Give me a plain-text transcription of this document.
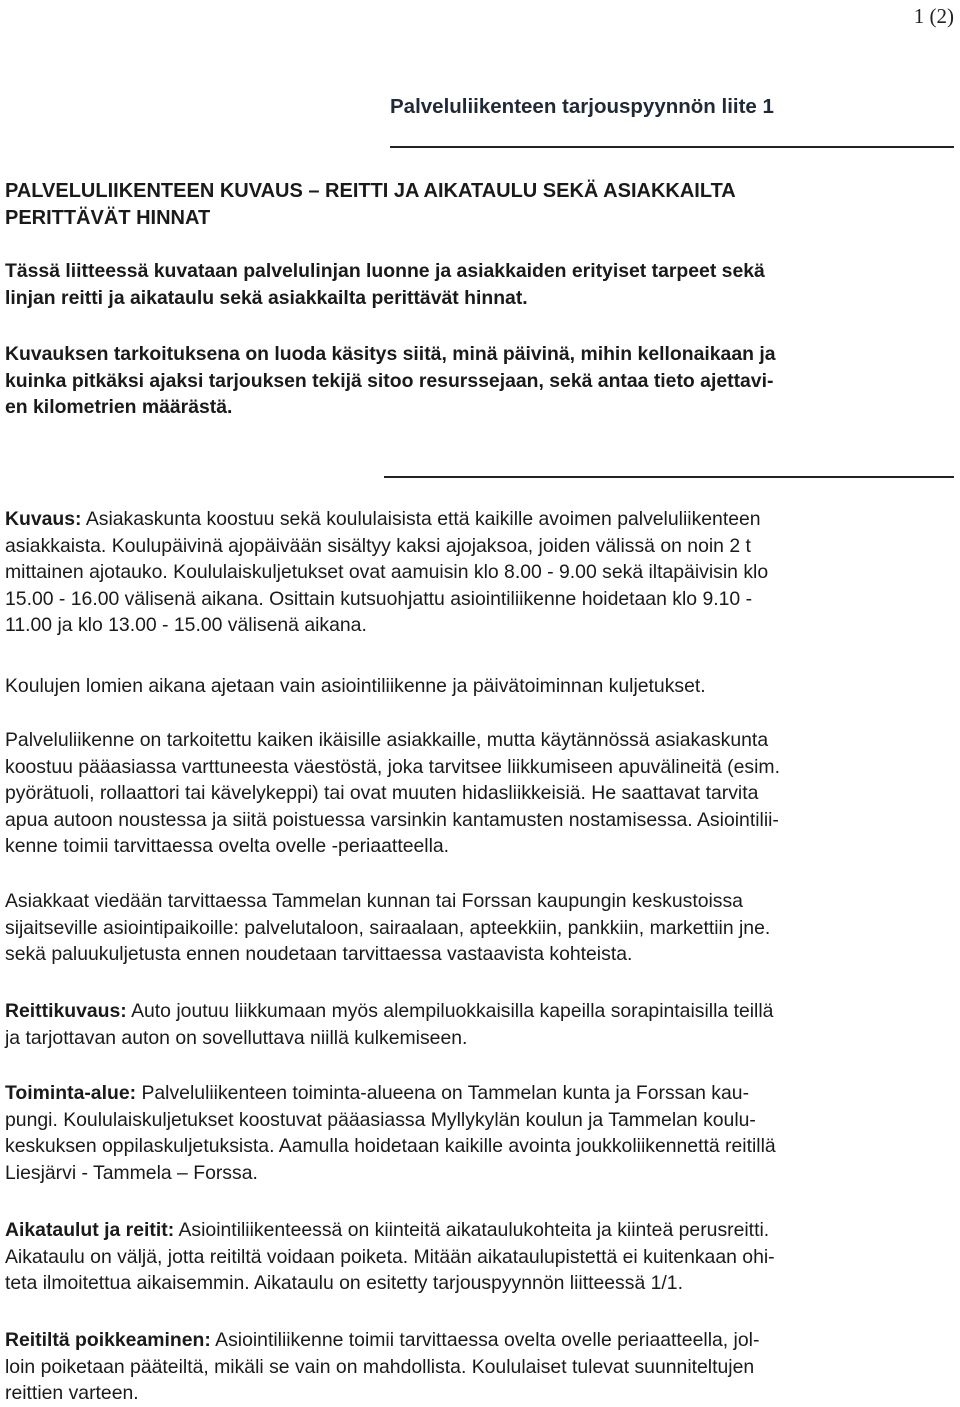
1 (2)
Palveluliikenteen tarjouspyynnön liite 1
PALVELULIIKENTEEN KUVAUS – REITTI JA AIKATAULU SEKÄ ASIAKKAILTA
PERITTÄVÄT HINNAT
Tässä liitteessä kuvataan palvelulinjan luonne ja asiakkaiden erityiset tarpeet sekä
linjan reitti ja aikataulu sekä asiakkailta perittävät hinnat.
Kuvauksen tarkoituksena on luoda käsitys siitä, minä päivinä, mihin kellonaikaan ja
kuinka pitkäksi ajaksi tarjouksen tekijä sitoo resurssejaan, sekä antaa tieto ajettavi-
en kilometrien määrästä.
Kuvaus: Asiakaskunta koostuu sekä koululaisista että kaikille avoimen palveluliikenteen
asiakkaista. Koulupäivinä ajopäivään sisältyy kaksi ajojaksoa, joiden välissä on noin 2 t
mittainen ajotauko. Koululaiskuljetukset ovat aamuisin klo 8.00 - 9.00 sekä iltapäivisin klo
15.00 - 16.00 välisenä aikana. Osittain kutsuohjattu asiointiliikenne hoidetaan klo 9.10 -
11.00 ja klo 13.00 - 15.00 välisenä aikana.
Koulujen lomien aikana ajetaan vain asiointiliikenne ja päivätoiminnan kuljetukset.
Palveluliikenne on tarkoitettu kaiken ikäisille asiakkaille, mutta käytännössä asiakaskunta
koostuu pääasiassa varttuneesta väestöstä, joka tarvitsee liikkumiseen apuvälineitä (esim.
pyörätuoli, rollaattori tai kävelykeppi) tai ovat muuten hidasliikkeisiä. He saattavat tarvita
apua autoon noustessa ja siitä poistuessa varsinkin kantamusten nostamisessa. Asiointilii-
kenne toimii tarvittaessa ovelta ovelle -periaatteella.
Asiakkaat viedään tarvittaessa Tammelan kunnan tai Forssan kaupungin keskustoissa
sijaitseville asiointipaikoille: palvelutaloon, sairaalaan, apteekkiin, pankkiin, markettiin jne.
sekä paluukuljetusta ennen noudetaan tarvittaessa vastaavista kohteista.
Reittikuvaus: Auto joutuu liikkumaan myös alempiluokkaisilla kapeilla sorapintaisilla teillä
ja tarjottavan auton on sovelluttava niillä kulkemiseen.
Toiminta-alue: Palveluliikenteen toiminta-alueena on Tammelan kunta ja Forssan kau-
pungi. Koululaiskuljetukset koostuvat pääasiassa Myllykylän koulun ja Tammelan koulu-
keskuksen oppilaskuljetuksista. Aamulla hoidetaan kaikille avointa joukkoliikennettä reitillä
Liesjärvi - Tammela – Forssa.
Aikataulut ja reitit: Asiointiliikenteessä on kiinteitä aikataulukohteita ja kiinteä perusreitti.
Aikataulu on väljä, jotta reitiltä voidaan poiketa. Mitään aikataulupistettä ei kuitenkaan ohi-
teta ilmoitettua aikaisemmin. Aikataulu on esitetty tarjouspyynnön liitteessä 1/1.
Reitiltä poikkeaminen: Asiointiliikenne toimii tarvittaessa ovelta ovelle periaatteella, jol-
loin poiketaan pääteiltä, mikäli se vain on mahdollista. Koululaiset tulevat suunniteltujen
reittien varteen.
